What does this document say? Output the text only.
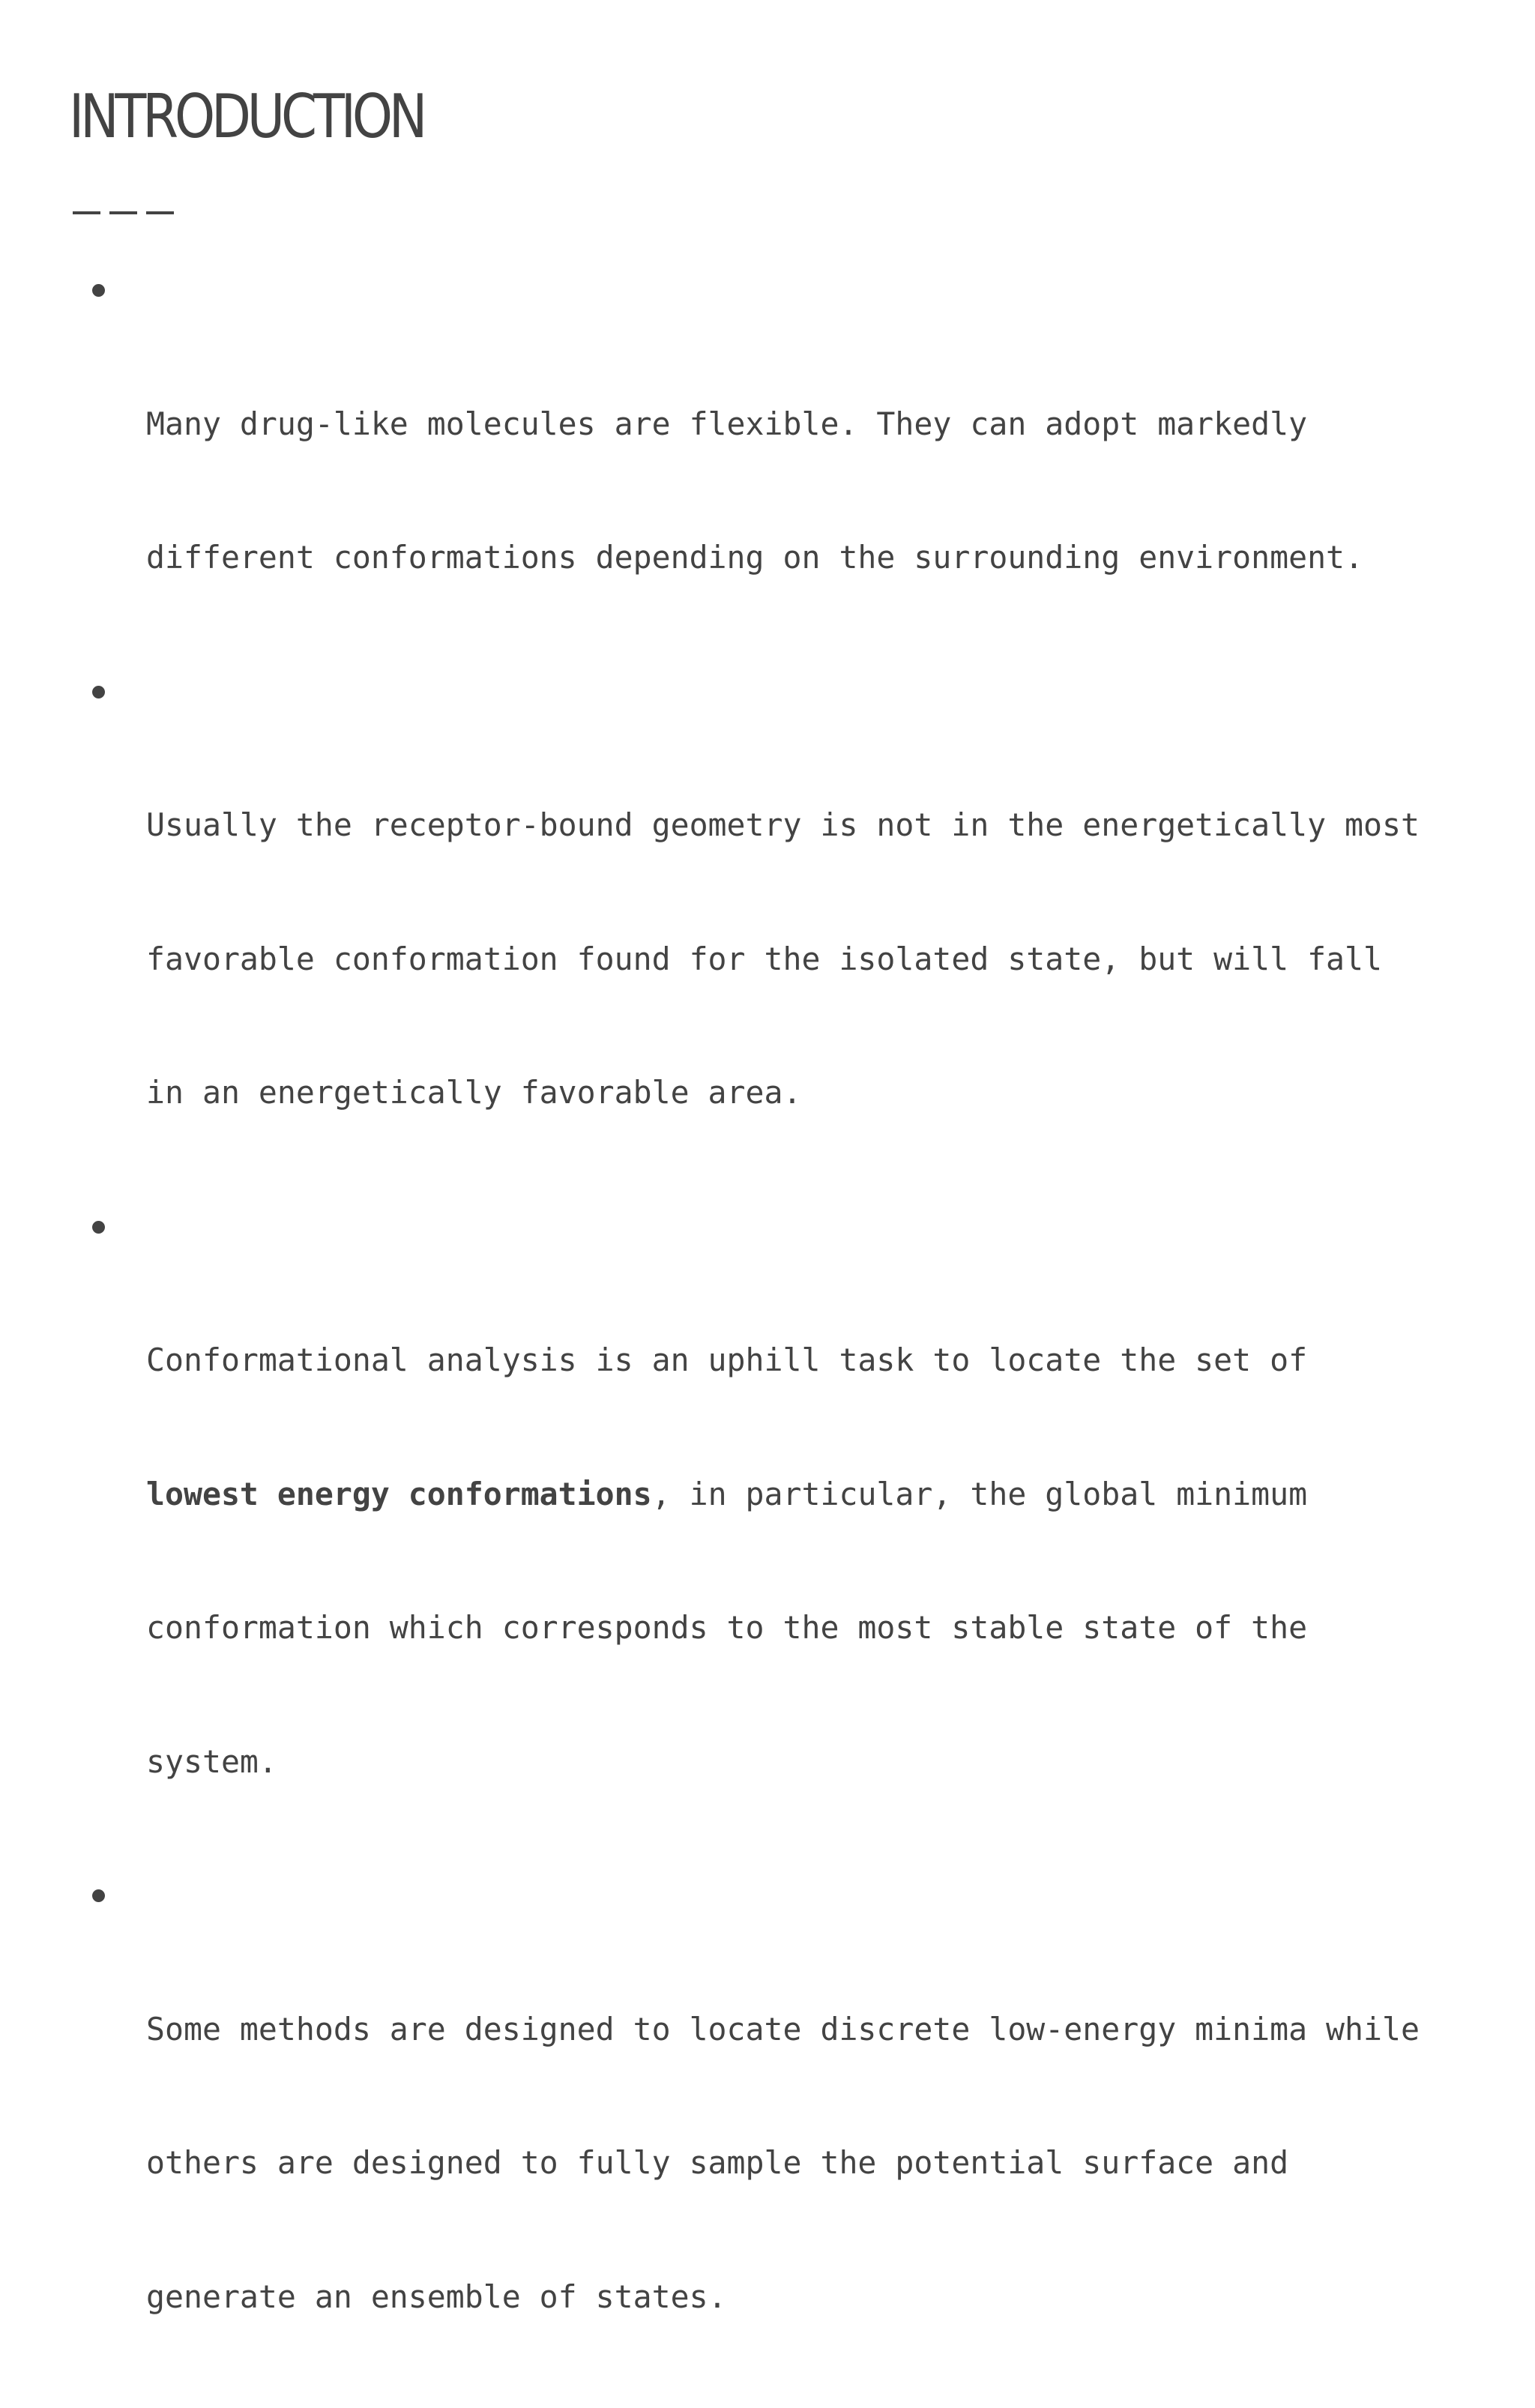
INTRODUCTION

Many drug-like molecules are flexible. They can adopt markedly

different conformations depending on the surrounding environment.

Usually the receptor-bound geometry is not in the energetically most

favorable conformation found for the isolated state, but will fall

in an energetically favorable area.

Conformational analysis is an uphill task to locate the set of

lowest energy conformations, in particular, the global minimum

conformation which corresponds to the most stable state of the

system.

Some methods are designed to locate discrete low-energy minima while

others are designed to fully sample the potential surface and

generate an ensemble of states.
